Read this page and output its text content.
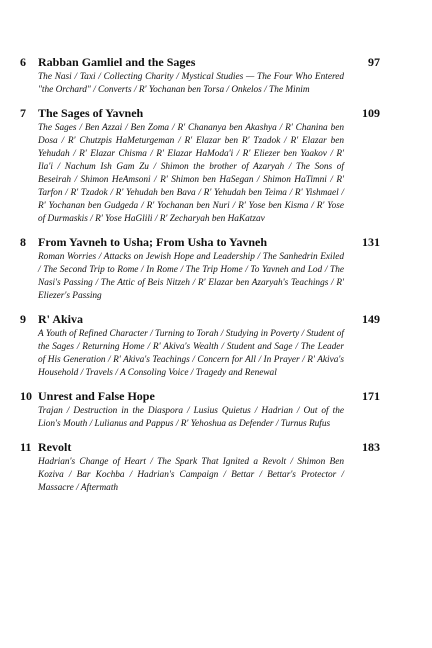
6	Rabban Gamliel and the Sages	97
The Nasi / Taxi / Collecting Charity / Mystical Studies — The Four Who Entered "the Orchard" / Converts / R' Yochanan ben Torsa / Onkelos / The Minim
7	The Sages of Yavneh	109
The Sages / Ben Azzai / Ben Zoma / R' Chananya ben Akashya / R' Chanina ben Dosa / R' Chutzpis HaMeturgeman / R' Elazar ben R' Tzadok / R' Elazar ben Yehudah / R' Elazar Chisma / R' Elazar HaModa'i / R' Eliezer ben Yaakov / R' Ila'i / Nachum Ish Gam Zu / Shimon the brother of Azaryah / The Sons of Beseirah / Shimon HeAmsoni / R' Shimon ben HaSegan / Shimon HaTimni / R' Tarfon / R' Tzadok / R' Yehudah ben Bava / R' Yehudah ben Teima / R' Yishmael / R' Yochanan ben Gudgeda / R' Yochanan ben Nuri / R' Yose ben Kisma / R' Yose of Durmaskis / R' Yose HaGlili / R' Zecharyah ben HaKatzav
8	From Yavneh to Usha; From Usha to Yavneh	131
Roman Worries / Attacks on Jewish Hope and Leadership / The Sanhedrin Exiled / The Second Trip to Rome / In Rome / The Trip Home / To Yavneh and Lod / The Nasi's Passing / The Attic of Beis Nitzeh / R' Elazar ben Azaryah's Teachings / R' Eliezer's Passing
9	R' Akiva	149
A Youth of Refined Character / Turning to Torah / Studying in Poverty / Student of the Sages / Returning Home / R' Akiva's Wealth / Student and Sage / The Leader of His Generation / R' Akiva's Teachings / Concern for All / In Prayer / R' Akiva's Household / Travels / A Consoling Voice / Tragedy and Renewal
10 Unrest and False Hope	171
Trajan / Destruction in the Diaspora / Lusius Quietus / Hadrian / Out of the Lion's Mouth / Lulianus and Pappus / R' Yehoshua as Defender / Turnus Rufus
11 Revolt	183
Hadrian's Change of Heart / The Spark That Ignited a Revolt / Shimon Ben Koziva / Bar Kochba / Hadrian's Campaign / Bettar / Bettar's Protector / Massacre / Aftermath
